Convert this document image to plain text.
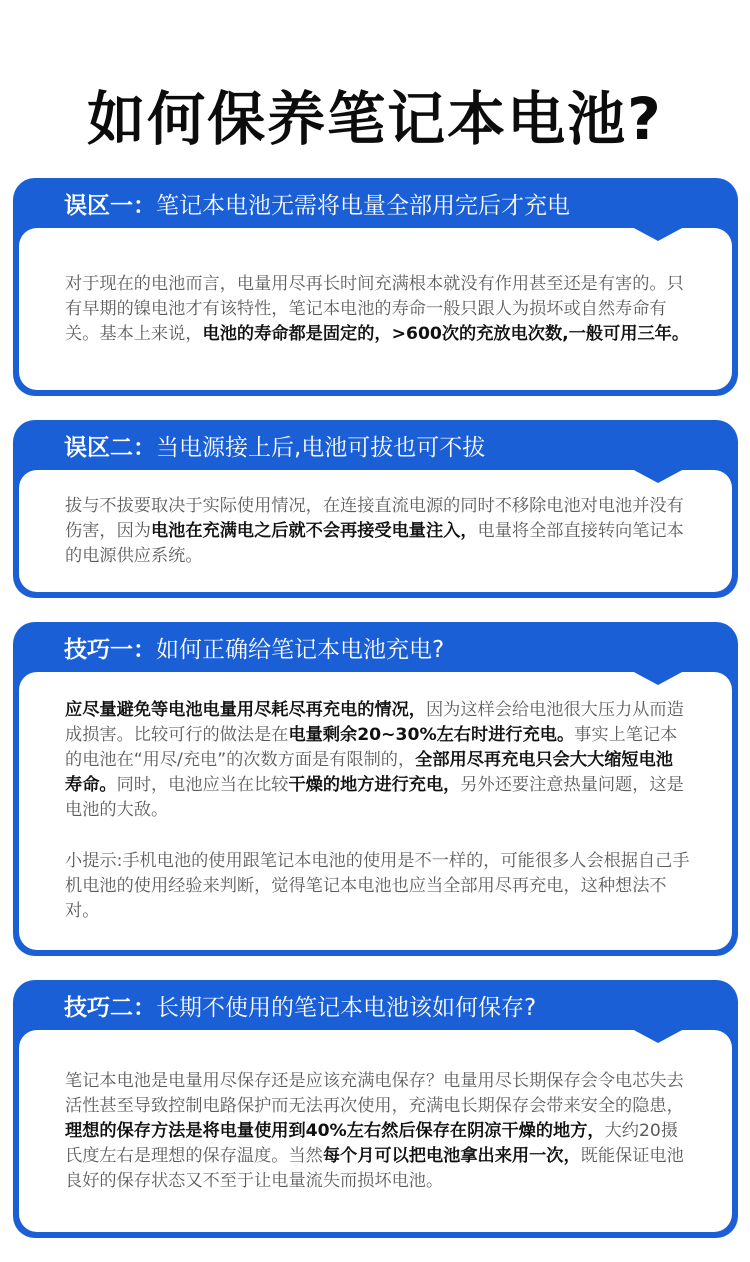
如何保养笔记本电池?
误区一： 笔记本电池无需将电量全部用完后才充电

对于现在的电池而言，电量用尽再长时间充满根本就没有作用甚至还是有害的。只有早期的镍电池才有该特性，笔记本电池的寿命一般只跟人为损坏或自然寿命有关。基本上来说，电池的寿命都是固定的，>600次的充放电次数,一般可用三年。

误区二： 当电源接上后,电池可拔也可不拔

拔与不拔要取决于实际使用情况，在连接直流电源的同时不移除电池对电池并没有伤害，因为电池在充满电之后就不会再接受电量注入，电量将全部直接转向笔记本的电源供应系统。

技巧一： 如何正确给笔记本电池充电?

应尽量避免等电池电量用尽耗尽再充电的情况，因为这样会给电池很大压力从而造成损害。比较可行的做法是在电量剩余20~30%左右时进行充电。事实上笔记本的电池在“用尽/充电”的次数方面是有限制的，全部用尽再充电只会大大缩短电池寿命。同时，电池应当在比较干燥的地方进行充电，另外还要注意热量问题，这是电池的大敌。

小提示:手机电池的使用跟笔记本电池的使用是不一样的，可能很多人会根据自己手机电池的使用经验来判断，觉得笔记本电池也应当全部用尽再充电，这种想法不对。

技巧二： 长期不使用的笔记本电池该如何保存?

笔记本电池是电量用尽保存还是应该充满电保存？电量用尽长期保存会令电芯失去活性甚至导致控制电路保护而无法再次使用，充满电长期保存会带来安全的隐患，理想的保存方法是将电量使用到40%左右然后保存在阴凉干燥的地方，大约20摄氏度左右是理想的保存温度。当然每个月可以把电池拿出来用一次，既能保证电池良好的保存状态又不至于让电量流失而损坏电池。
